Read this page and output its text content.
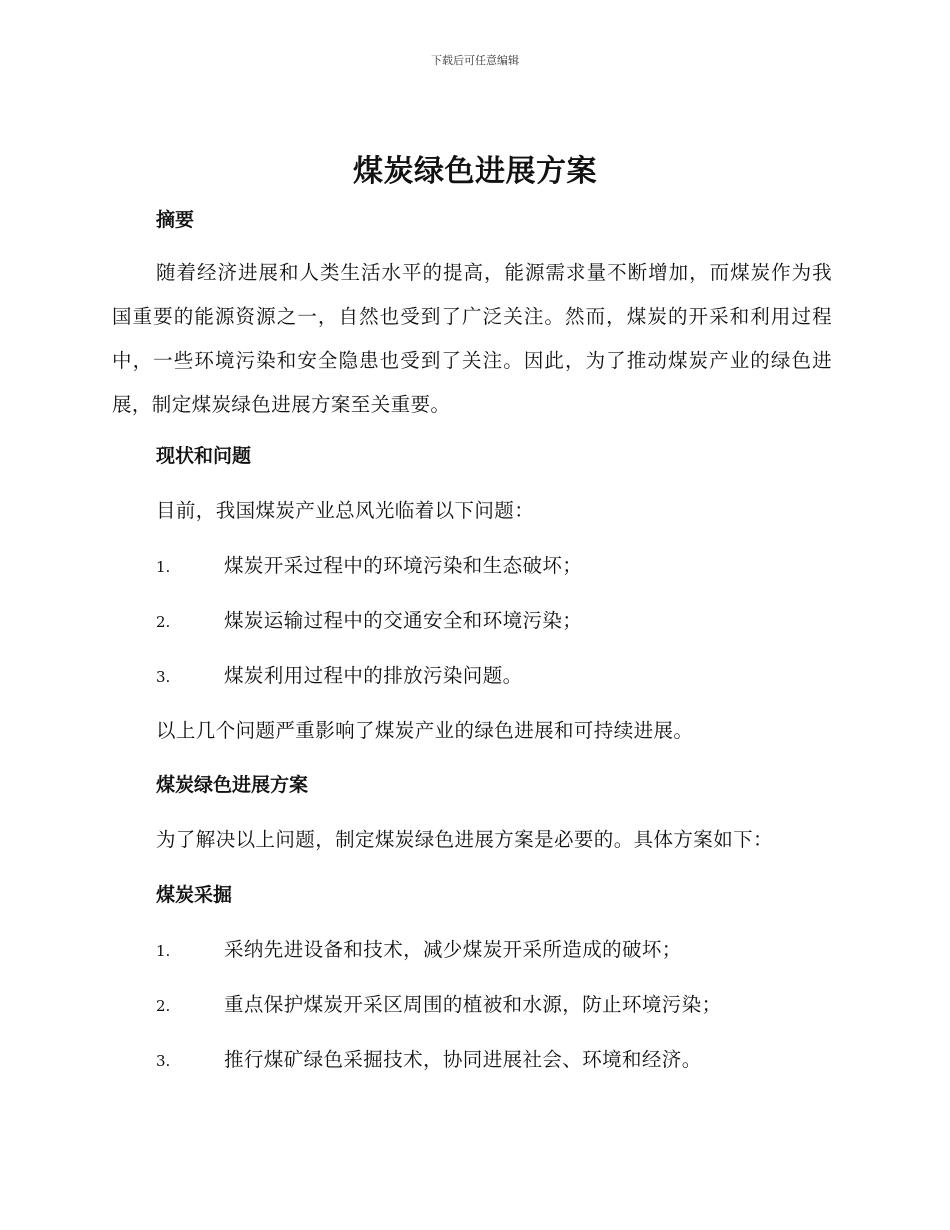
下载后可任意编辑
煤炭绿色进展方案
摘要
随着经济进展和人类生活水平的提高，能源需求量不断增加，而煤炭作为我国重要的能源资源之一，自然也受到了广泛关注。然而，煤炭的开采和利用过程中，一些环境污染和安全隐患也受到了关注。因此，为了推动煤炭产业的绿色进展，制定煤炭绿色进展方案至关重要。
现状和问题
目前，我国煤炭产业总风光临着以下问题：
1.	煤炭开采过程中的环境污染和生态破坏；
2.	煤炭运输过程中的交通安全和环境污染；
3.	煤炭利用过程中的排放污染问题。
以上几个问题严重影响了煤炭产业的绿色进展和可持续进展。
煤炭绿色进展方案
为了解决以上问题，制定煤炭绿色进展方案是必要的。具体方案如下：
煤炭采掘
1.	采纳先进设备和技术，减少煤炭开采所造成的破坏；
2.	重点保护煤炭开采区周围的植被和水源，防止环境污染；
3.	推行煤矿绿色采掘技术，协同进展社会、环境和经济。
